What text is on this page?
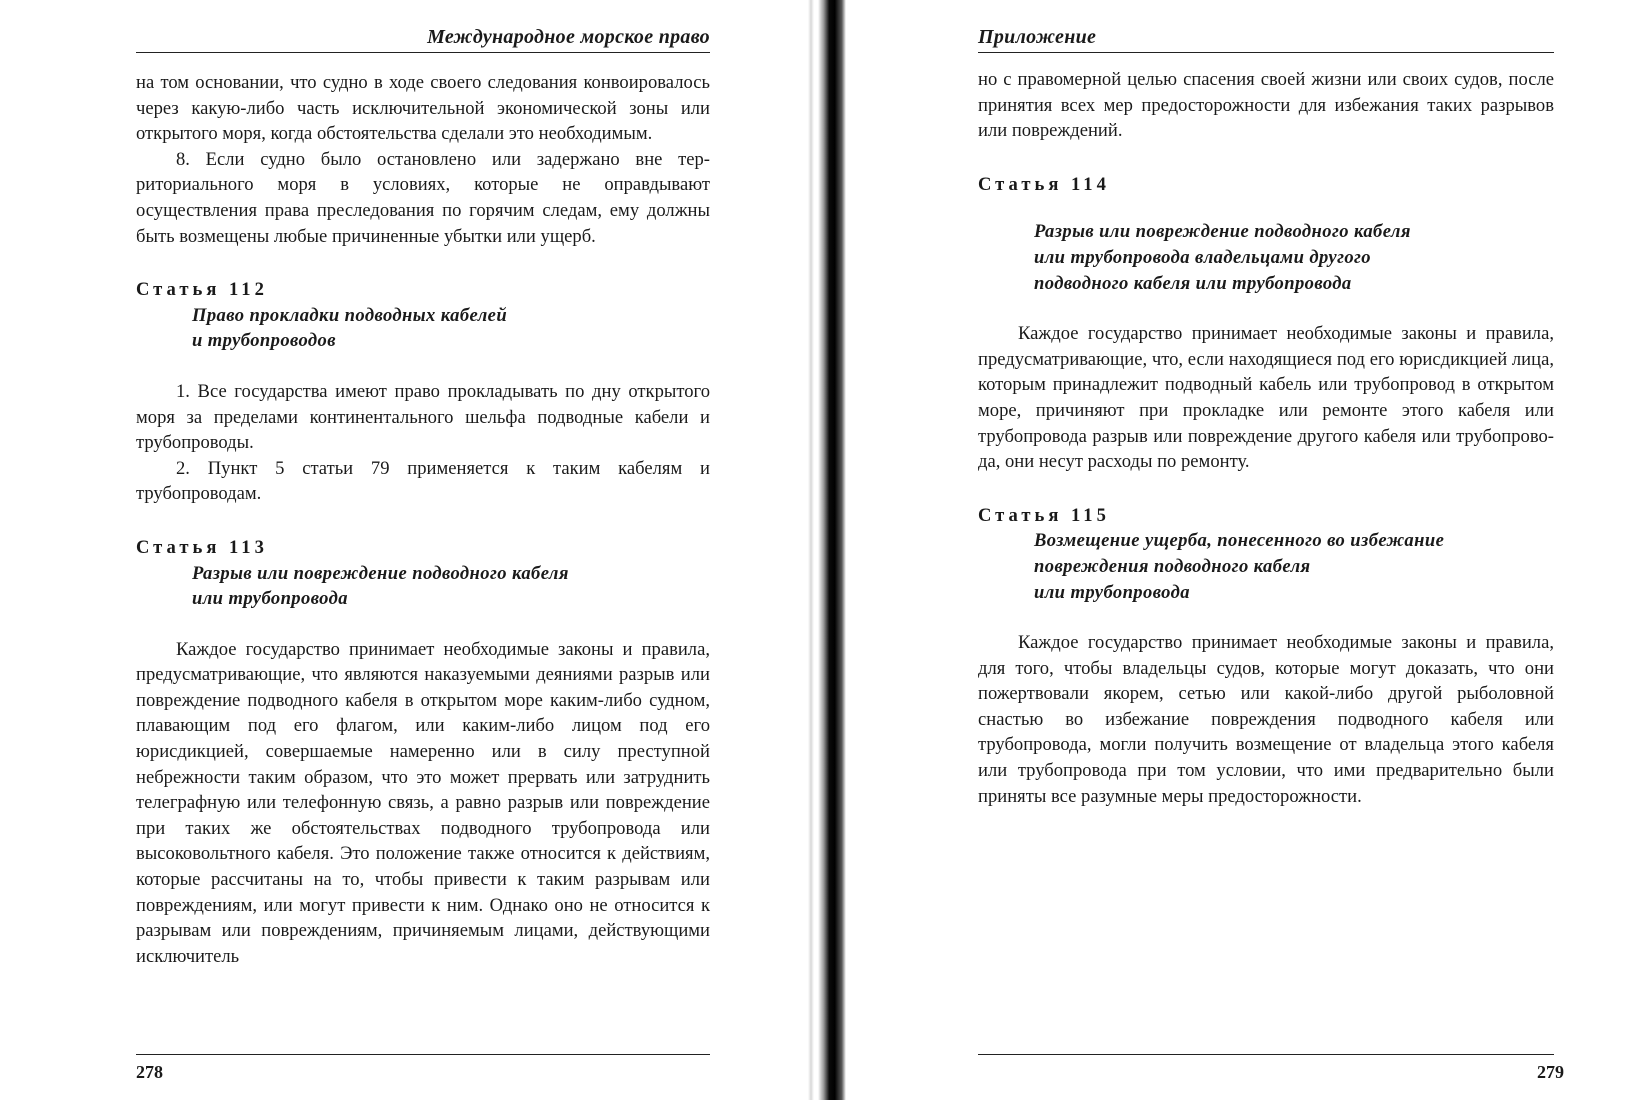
Международное морское право

на том основании, что судно в ходе своего следования конвоировалось через какую-либо часть исключительной экономической зоны или открытого моря, когда обстоятельства сделали это необходимым.

8. Если судно было остановлено или задержано вне территориального моря в условиях, которые не оправдывают осуществления права преследования по горячим следам, ему должны быть возмещены любые причиненные убытки или ущерб.

Статья 112
Право прокладки подводных кабелей
и трубопроводов

1. Все государства имеют право прокладывать по дну открытого моря за пределами континентального шельфа подводные кабели и трубопроводы.

2. Пункт 5 статьи 79 применяется к таким кабелям и трубопроводам.

Статья 113
Разрыв или повреждение подводного кабеля
или трубопровода

Каждое государство принимает необходимые законы и правила, предусматривающие, что являются наказуемыми деяниями разрыв или повреждение подводного кабеля в открытом море каким-либо судном, плавающим под его флагом, или каким-либо лицом под его юрисдикцией, совершаемые намеренно или в силу преступной небрежности таким образом, что это может прервать или затруднить телеграфную или телефонную связь, а равно разрыв или повреждение при таких же обстоятельствах подводного трубопровода или высоковольтного кабеля. Это положение также относится к действиям, которые рассчитаны на то, чтобы привести к таким разрывам или повреждениям, или могут привести к ним. Однако оно не относится к разрывам или повреждениям, причиняемым лицами, действующими исключитель

278
Приложение

но с правомерной целью спасения своей жизни или своих судов, после принятия всех мер предосторожности для избежания таких разрывов или повреждений.

Статья 114
Разрыв или повреждение подводного кабеля
или трубопровода владельцами другого
подводного кабеля или трубопровода

Каждое государство принимает необходимые законы и правила, предусматривающие, что, если находящиеся под его юрисдикцией лица, которым принадлежит подводный кабель или трубопровод в открытом море, причиняют при прокладке или ремонте этого кабеля или трубопровода разрыв или повреждение другого кабеля или трубопровода, они несут расходы по ремонту.

Статья 115
Возмещение ущерба, понесенного во избежание
повреждения подводного кабеля
или трубопровода

Каждое государство принимает необходимые законы и правила, для того, чтобы владельцы судов, которые могут доказать, что они пожертвовали якорем, сетью или какой-либо другой рыболовной снастью во избежание повреждения подводного кабеля или трубопровода, могли получить возмещение от владельца этого кабеля или трубопровода при том условии, что ими предварительно были приняты все разумные меры предосторожности.

279
